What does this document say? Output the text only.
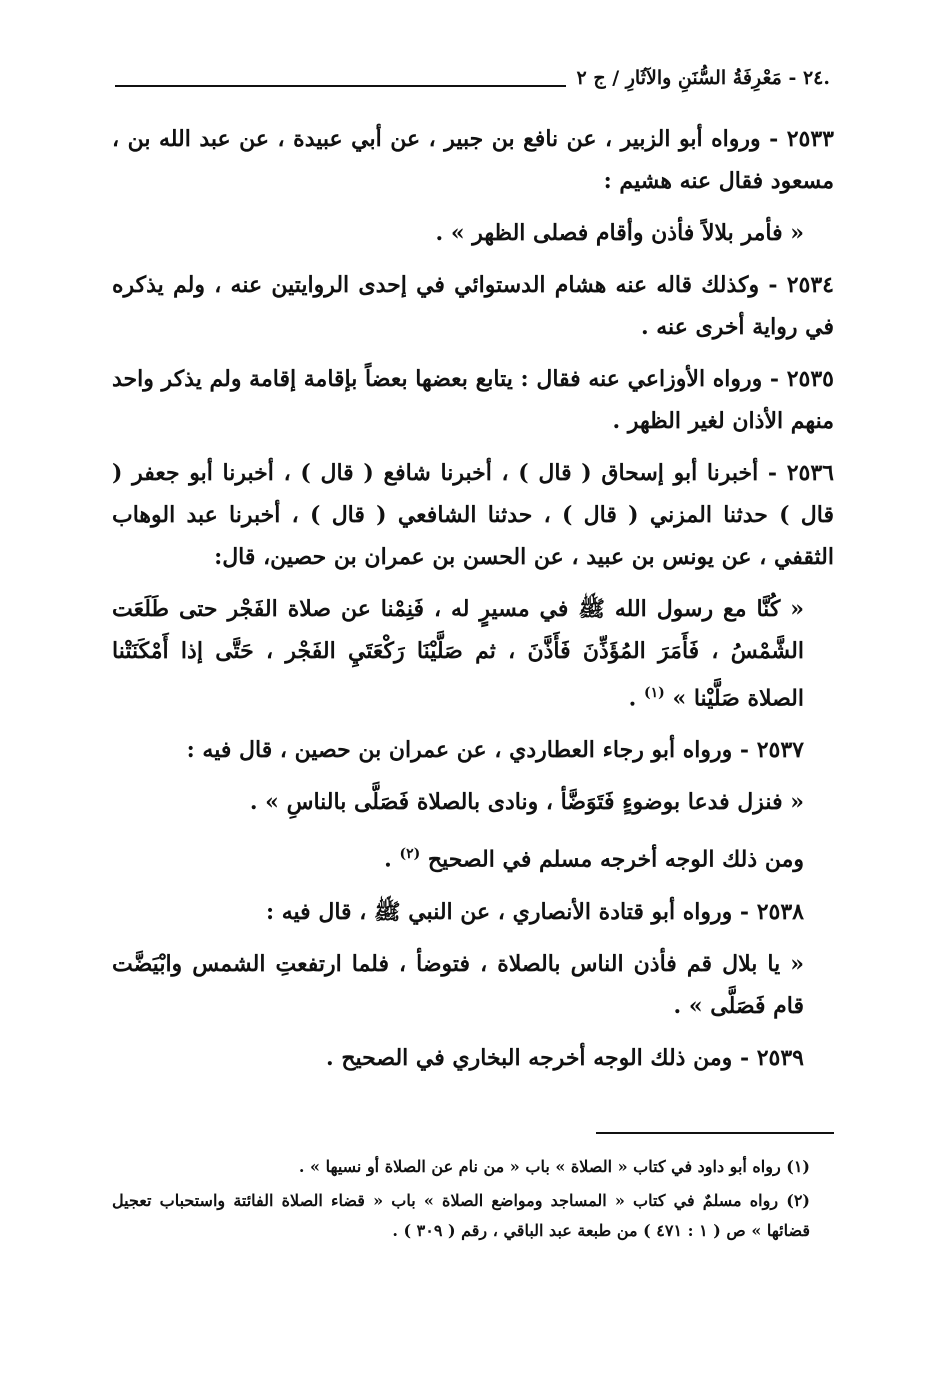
.٢٤ - مَعْرِفَةُ السُّنَنِ والآثَارِ / ج ٢

٢٥٣٣ - ورواه أبو الزبير ، عن نافع بن جبير ، عن أبي عبيدة ، عن عبد الله بن ، مسعود فقال عنه هشيم :

« فأمر بلالاً فأذن وأقام فصلى الظهر » .

٢٥٣٤ - وكذلك قاله عنه هشام الدستوائي في إحدى الروايتين عنه ، ولم يذكره في رواية أخرى عنه .

٢٥٣٥ - ورواه الأوزاعي عنه فقال : يتابع بعضها بعضاً بإقامة إقامة ولم يذكر واحد منهم الأذان لغير الظهر .

٢٥٣٦ - أخبرنا أبو إسحاق ( قال ) ، أخبرنا شافع ( قال ) ، أخبرنا أبو جعفر ( قال ) حدثنا المزني ( قال ) ، حدثنا الشافعي ( قال ) ، أخبرنا عبد الوهاب الثقفي ، عن يونس بن عبيد ، عن الحسن بن عمران بن حصين، قال:

« كُنَّا مع رسول الله ﷺ في مسيرٍ له ، فَنِمْنا عن صلاة الفَجْر حتى طَلَعَت الشَّمْسُ ، فَأَمَرَ المُؤَذِّنَ فَأَذَّنَ ، ثم صَلَّيْنَا رَكْعَتَيِ الفَجْر ، حَتَّى إذا أَمْكَنَتْنا الصلاة صَلَّيْنا » $^{(١)}$ .

٢٥٣٧ - ورواه أبو رجاء العطاردي ، عن عمران بن حصين ، قال فيه :

« فنزل فدعا بوضوءٍ فَتَوَضَّأ ، ونادى بالصلاة فَصَلَّى بالناسِ » .

ومن ذلك الوجه أخرجه مسلم في الصحيح $^{(٢)}$ .

٢٥٣٨ - ورواه أبو قتادة الأنصاري ، عن النبي ﷺ ، قال فيه :

« يا بلال قم فأذن الناس بالصلاة ، فتوضأ ، فلما ارتفعتِ الشمس وابْيَضَّت قام فَصَلَّى » .

٢٥٣٩ - ومن ذلك الوجه أخرجه البخاري في الصحيح .

(١) رواه أبو داود في كتاب « الصلاة » باب « من نام عن الصلاة أو نسيها » .

(٢) رواه مسلمٌ في كتاب « المساجد ومواضع الصلاة » باب « قضاء الصلاة الفائتة واستحباب تعجيل قضائها » ص ( ١ : ٤٧١ ) من طبعة عبد الباقي ، رقم ( ٣٠٩ ) .
